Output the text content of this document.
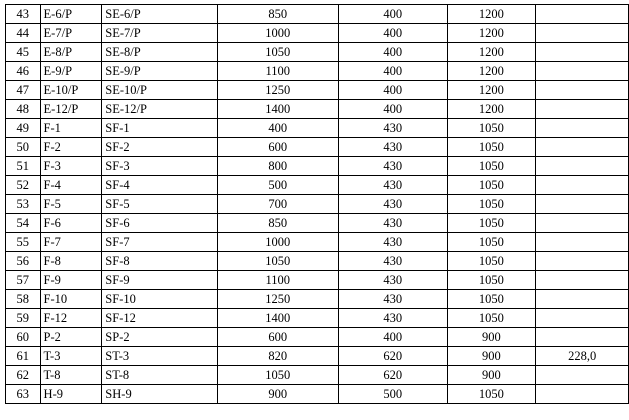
43	E-6/P	SE-6/P	850	400	1200	
44	E-7/P	SE-7/P	1000	400	1200	
45	E-8/P	SE-8/P	1050	400	1200	
46	E-9/P	SE-9/P	1100	400	1200	
47	E-10/P	SE-10/P	1250	400	1200	
48	E-12/P	SE-12/P	1400	400	1200	
49	F-1	SF-1	400	430	1050	
50	F-2	SF-2	600	430	1050	
51	F-3	SF-3	800	430	1050	
52	F-4	SF-4	500	430	1050	
53	F-5	SF-5	700	430	1050	
54	F-6	SF-6	850	430	1050	
55	F-7	SF-7	1000	430	1050	
56	F-8	SF-8	1050	430	1050	
57	F-9	SF-9	1100	430	1050	
58	F-10	SF-10	1250	430	1050	
59	F-12	SF-12	1400	430	1050	
60	P-2	SP-2	600	400	900	
61	T-3	ST-3	820	620	900	228,0
62	T-8	ST-8	1050	620	900	
63	H-9	SH-9	900	500	1050	
